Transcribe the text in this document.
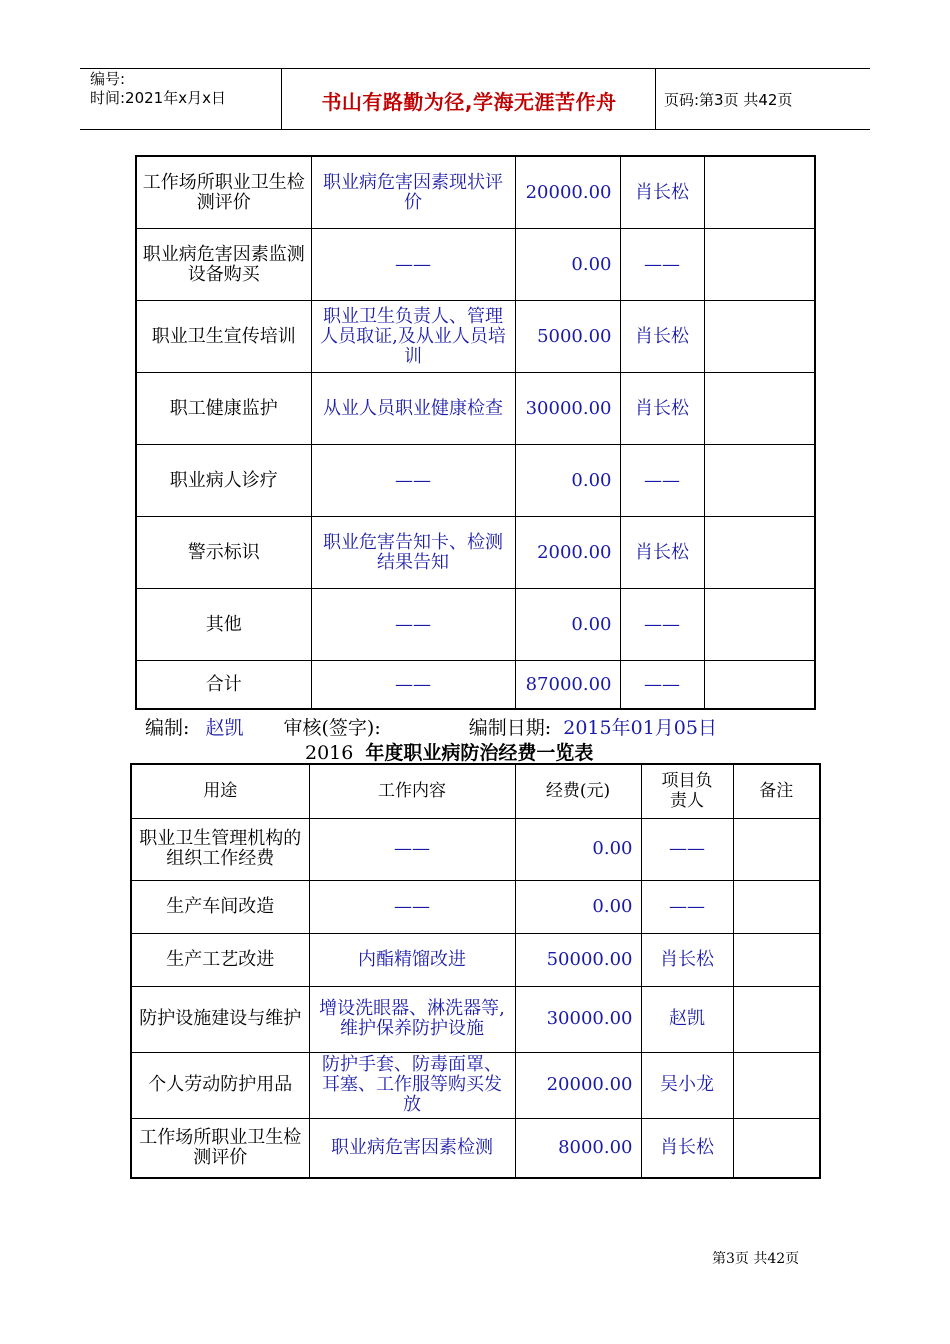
编号:
时间:2021年x月x日	书山有路勤为径,学海无涯苦作舟	页码:第3页 共42页
工作场所职业卫生检测评价	职业病危害因素现状评价	20000.00	肖长松	
职业病危害因素监测设备购买	——	0.00	——	
职业卫生宣传培训	职业卫生负责人、管理人员取证,及从业人员培训	5000.00	肖长松	
职工健康监护	从业人员职业健康检查	30000.00	肖长松	
职业病人诊疗	——	0.00	——	
警示标识	职业危害告知卡、检测结果告知	2000.00	肖长松	
其他	——	0.00	——	
合计	——	87000.00	——	
编制: 赵凯 审核(签字):	编制日期: 2015年01月05日
2016 年度职业病防治经费一览表
用途	工作内容	经费(元)	项目负责人	备注
职业卫生管理机构的组织工作经费	——	0.00	——	
生产车间改造	——	0.00	——	
生产工艺改进	内酯精馏改进	50000.00	肖长松	
防护设施建设与维护	增设洗眼器、淋洗器等,维护保养防护设施	30000.00	赵凯	
个人劳动防护用品	防护手套、防毒面罩、耳塞、工作服等购买发放	20000.00	吴小龙	
工作场所职业卫生检测评价	职业病危害因素检测	8000.00	肖长松	
第3页 共42页
